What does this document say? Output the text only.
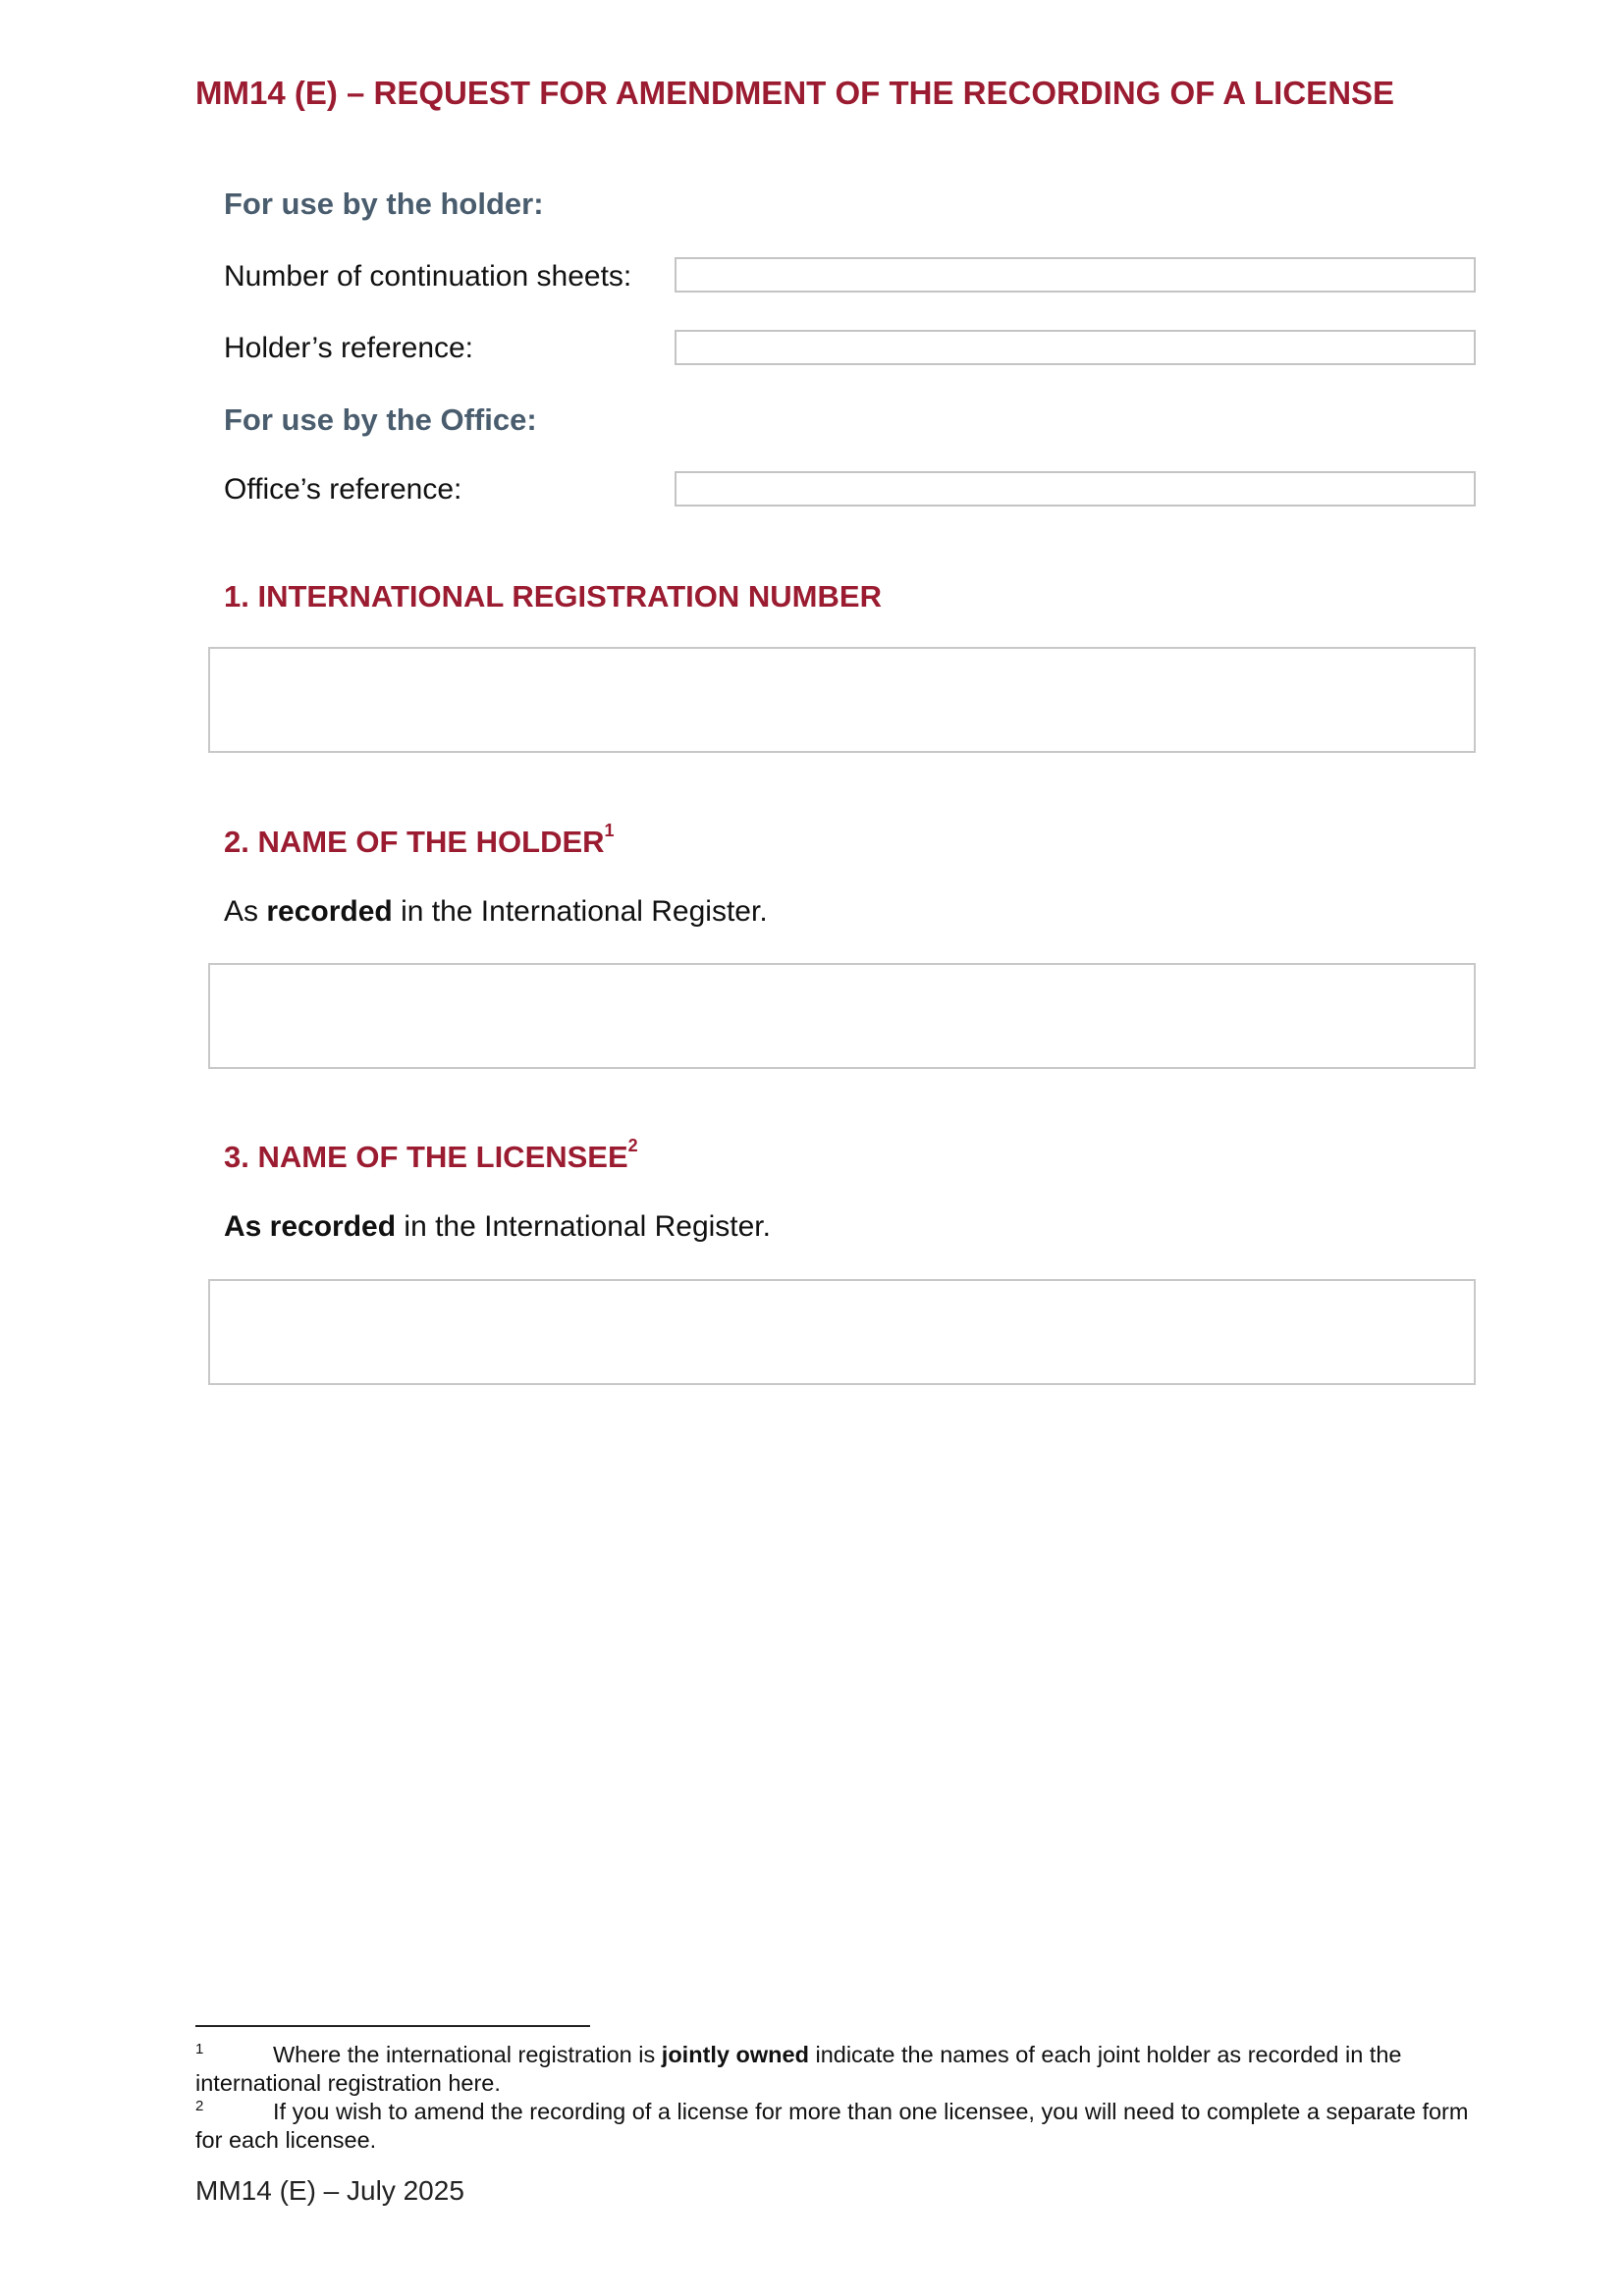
MM14 (E) – REQUEST FOR AMENDMENT OF THE RECORDING OF A LICENSE
For use by the holder:
Number of continuation sheets:
Holder’s reference:
For use by the Office:
Office’s reference:
1. INTERNATIONAL REGISTRATION NUMBER
2. NAME OF THE HOLDER$^1$
As recorded in the International Register.
3. NAME OF THE LICENSEE$^2$
As recorded in the International Register.
1	Where the international registration is jointly owned indicate the names of each joint holder as recorded in the international registration here.
2	If you wish to amend the recording of a license for more than one licensee, you will need to complete a separate form for each licensee.
MM14 (E) – July 2025
